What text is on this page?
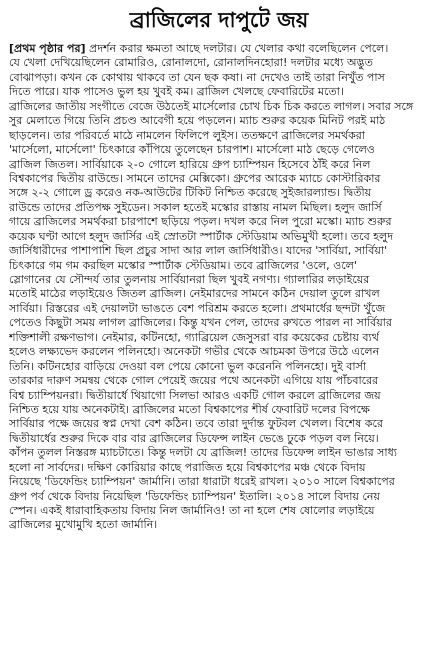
ব্রাজিলের দাপুটে জয়
[প্রথম পৃষ্ঠার পর] প্রদর্শন করার ক্ষমতা আছে দলটার। যে খেলার কথা বলেছিলেন পেলে।
যে খেলা দেখিয়েছিলেন রোমারিও, রোনালদো, রোনালদিনহোরা! দলটার মধ্যে অদ্ভুত
বোঝাপড়া। কখন কে কোথায় থাকবে তা যেন ছক কষা। না দেখেও তাই তারা নিখুঁত পাস
দিতে পারে। যাক পাসেও ভুল হয় খুবই কম। ব্রাজিল খেলছে ফেবারিটের মতো।
ব্রাজিলের জাতীয় সংগীতে বেজে উঠতেই মার্সেলোর চোখ চিক চিক করতে লাগল। সবার সঙ্গে
সুর মেলাতে গিয়ে তিনি প্রচণ্ড আবেগী হয়ে পড়লেন। ম্যাচ শুরুর কয়েক মিনিট পরই মাঠ
ছাড়লেন। তার পরিবর্তে মাঠে নামলেন ফিলিপে লুইস। ততক্ষণে ব্রাজিলের সমর্থকরা
'মার্সেলো, মার্সেলো' চিৎকারে কাঁপিয়ে তুলেছেন চারপাশ। মার্সেলো মাঠ ছেড়ে গেলেও
ব্রাজিল জিতল। সার্বিয়াকে ২-০ গোলে হারিয়ে গ্রুপ চ্যাম্পিয়ন হিসেবে ঠাঁই করে নিল
বিশ্বকাপের দ্বিতীয় রাউন্ডে। সামনে তাদের মেক্সিকো। গ্রুপের আরেক ম্যাচে কোস্টারিকার
সঙ্গে ২-২ গোলে ড্র করেও নক-আউটের টিকিট নিশ্চিত করেছে সুইজারল্যান্ড। দ্বিতীয়
রাউন্ডে তাদের প্রতিপক্ষ সুইডেন। সকাল হতেই মস্কোর রাস্তায় নামল মিছিল। হলুদ জার্সি
গায়ে ব্রাজিলের সমর্থকরা চারপাশে ছড়িয়ে পড়ল। দখল করে নিল পুরো মস্কো। ম্যাচ শুরুর
কয়েক ঘণ্টা আগে হলুদ জার্সির এই স্রোতটা স্পার্টাক স্টেডিয়াম অভিমুখী হলো। তবে হলুদ
জার্সিধারীদের পাশাপাশি ছিল প্রচুর সাদা আর লাল জার্সিধারীও। যাদের 'সার্বিয়া, সার্বিয়া'
চিৎকারে গম গম করছিল মস্কোর স্পার্টাক স্টেডিয়াম। তবে ব্রাজিলের 'ওলে, ওলে'
স্লোগানের যে সৌন্দর্য তার তুলনায় সার্বিয়ানরা ছিল খুবই নগণ্য। গ্যালারির লড়াইয়ের
মতোই মাঠের লড়াইয়েও জিতল ব্রাজিল। নেইমারদের সামনে কঠিন দেয়াল তুলে রাখল
সার্বিয়া। রিস্তরের এই দেয়ালটা ভাঙতে বেশ পরিশ্রম করতে হলো। প্রথমার্ধের ছন্দটা খুঁজে
পেতেও কিছুটা সময় লাগল ব্রাজিলের। কিন্তু যখন পেল, তাদের রুখতে পারল না সার্বিয়ার
শক্তিশালী রক্ষণভাগ। নেইমার, কটিনহো, গ্যাব্রিয়েল জেসুসরা বার কয়েকের চেষ্টায় ব্যর্থ
হলেও লক্ষ্যভেদ করলেন পলিনহো। অনেকটা গভীর থেকে আচমকা উপরে উঠে এলেন
তিনি। কটিনহোর বাড়িয়ে দেওয়া বল পেয়ে কোনো ভুল করেননি পলিনহো। দুই বার্সা
তারকার দারুণ সমন্বয় থেকে গোল পেয়েই জয়ের পথে অনেকটা এগিয়ে যায় পাঁচবারের
বিশ্ব চ্যাম্পিয়নরা। দ্বিতীয়ার্ধে থিয়াগো সিলভা আরও একটি গোল করলে ব্রাজিলের জয়
নিশ্চিত হয়ে যায় অনেকটাই। ব্রাজিলের মতো বিশ্বকাপের শীর্ষ ফেবারিট দলের বিপক্ষে
সার্বিয়ার পক্ষে জয়ের স্বপ্ন দেখা বেশ কঠিন। তবে তারা দুর্দান্ত ফুটবল খেলল। বিশেষ করে
দ্বিতীয়ার্ধের শুরুর দিকে বার বার ব্রাজিলের ডিফেন্স লাইন ভেঙে ঢুকে পড়ল বল নিয়ে।
কাঁপন তুলল নিস্তরঙ্গ ম্যাচটাতে। কিন্তু দলটা যে ব্রাজিল! তাদের ডিফেন্স লাইন ভাঙার সাধ্য
হলো না সার্বদের। দক্ষিণ কোরিয়ার কাছে পরাজিত হয়ে বিশ্বকাপের মঞ্চ থেকে বিদায়
নিয়েছে 'ডিফেন্ডিং চ্যাম্পিয়ন' জার্মানি। তারা ধারাটা ধরেই রাখল। ২০১০ সালে বিশ্বকাপের
গ্রুপ পর্ব থেকে বিদায় নিয়েছিল 'ডিফেন্ডিং চ্যাম্পিয়ন' ইতালি। ২০১৪ সালে বিদায় নেয়
স্পেন। একই ধারাবাহিকতায় বিদায় নিল জার্মানিও! তা না হলে শেষ ষোলোর লড়াইয়ে
ব্রাজিলের মুখোমুখি হতো জার্মানি।
